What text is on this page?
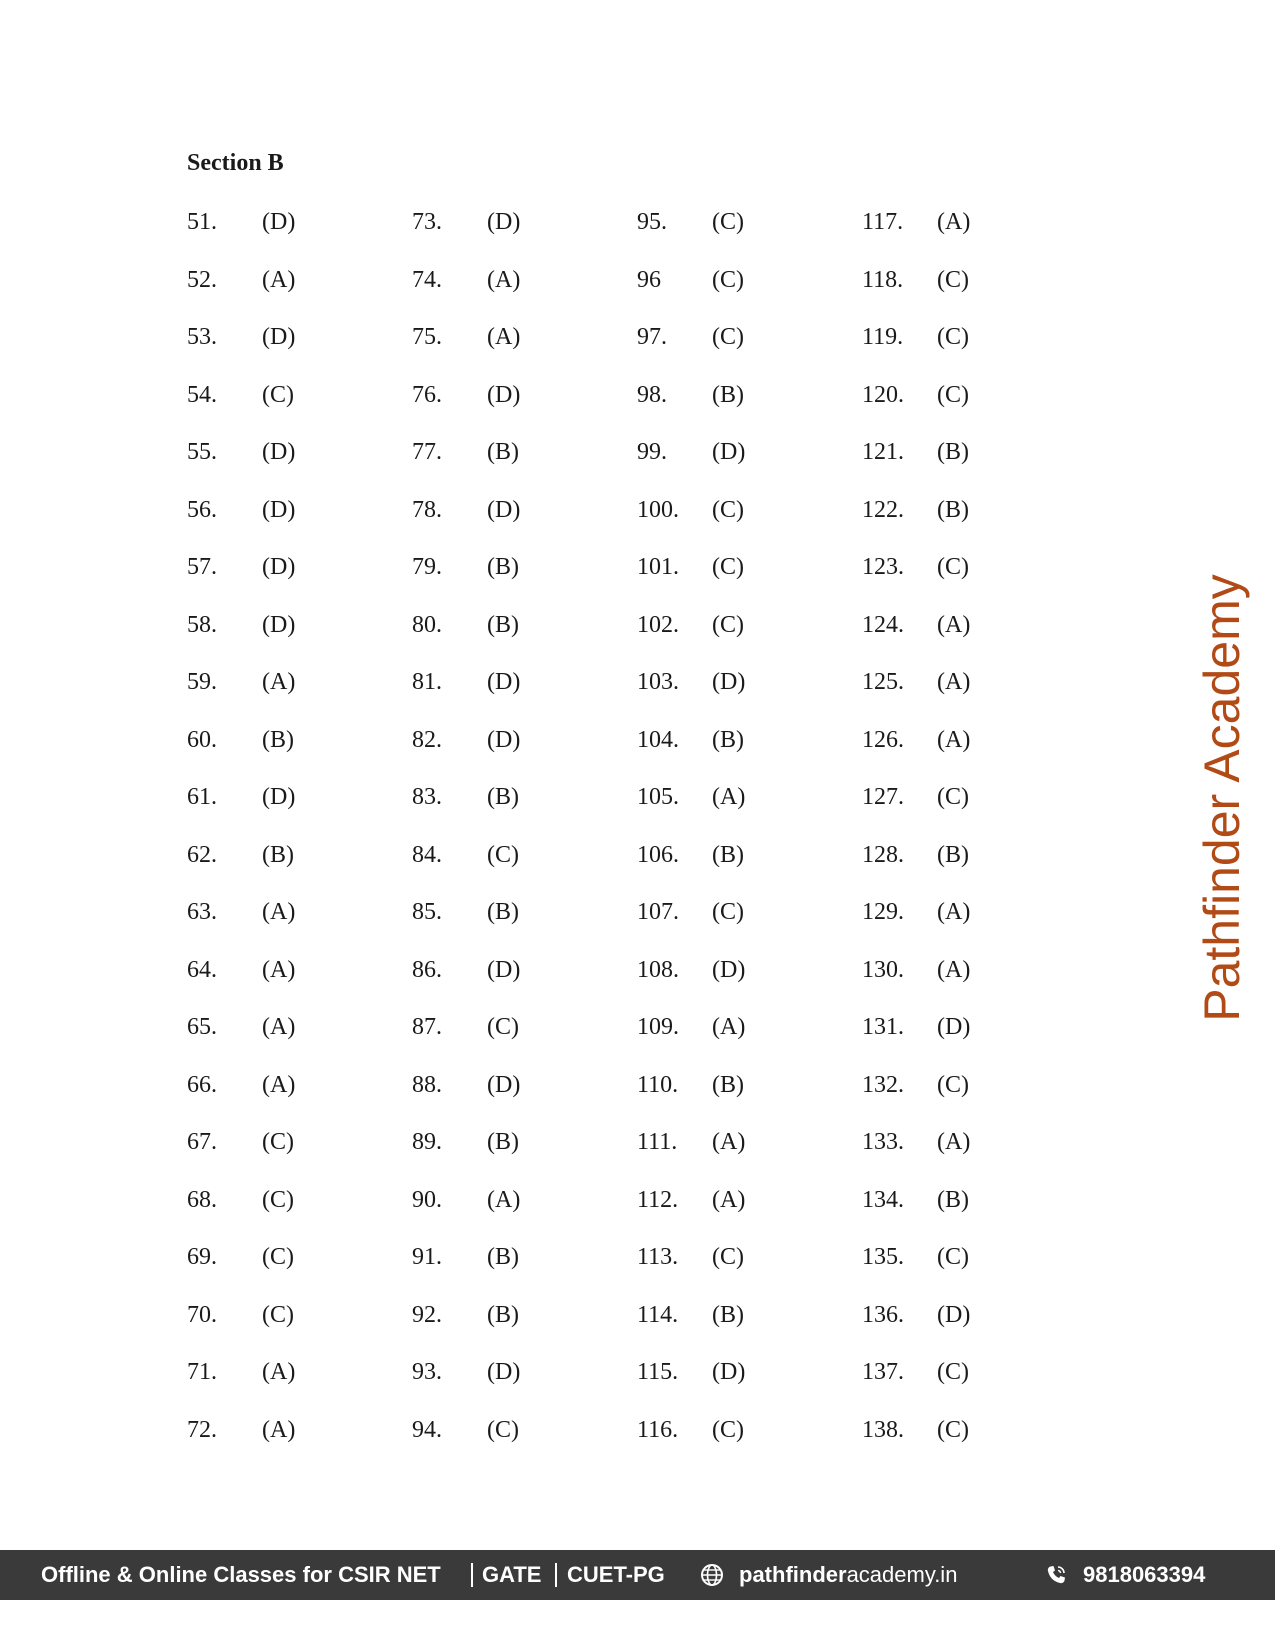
Section B
51. (D)
52. (A)
53. (D)
54. (C)
55. (D)
56. (D)
57. (D)
58. (D)
59. (A)
60. (B)
61. (D)
62. (B)
63. (A)
64. (A)
65. (A)
66. (A)
67. (C)
68. (C)
69. (C)
70. (C)
71. (A)
72. (A)
73. (D)
74. (A)
75. (A)
76. (D)
77. (B)
78. (D)
79. (B)
80. (B)
81. (D)
82. (D)
83. (B)
84. (C)
85. (B)
86. (D)
87. (C)
88. (D)
89. (B)
90. (A)
91. (B)
92. (B)
93. (D)
94. (C)
95. (C)
96 (C)
97. (C)
98. (B)
99. (D)
100. (C)
101. (C)
102. (C)
103. (D)
104. (B)
105. (A)
106. (B)
107. (C)
108. (D)
109. (A)
110. (B)
111. (A)
112. (A)
113. (C)
114. (B)
115. (D)
116. (C)
117. (A)
118. (C)
119. (C)
120. (C)
121. (B)
122. (B)
123. (C)
124. (A)
125. (A)
126. (A)
127. (C)
128. (B)
129. (A)
130. (A)
131. (D)
132. (C)
133. (A)
134. (B)
135. (C)
136. (D)
137. (C)
138. (C)
Pathfinder Academy
Offline & Online Classes for CSIR NET GATE CUET-PG	pathfinderacademy.in	9818063394
